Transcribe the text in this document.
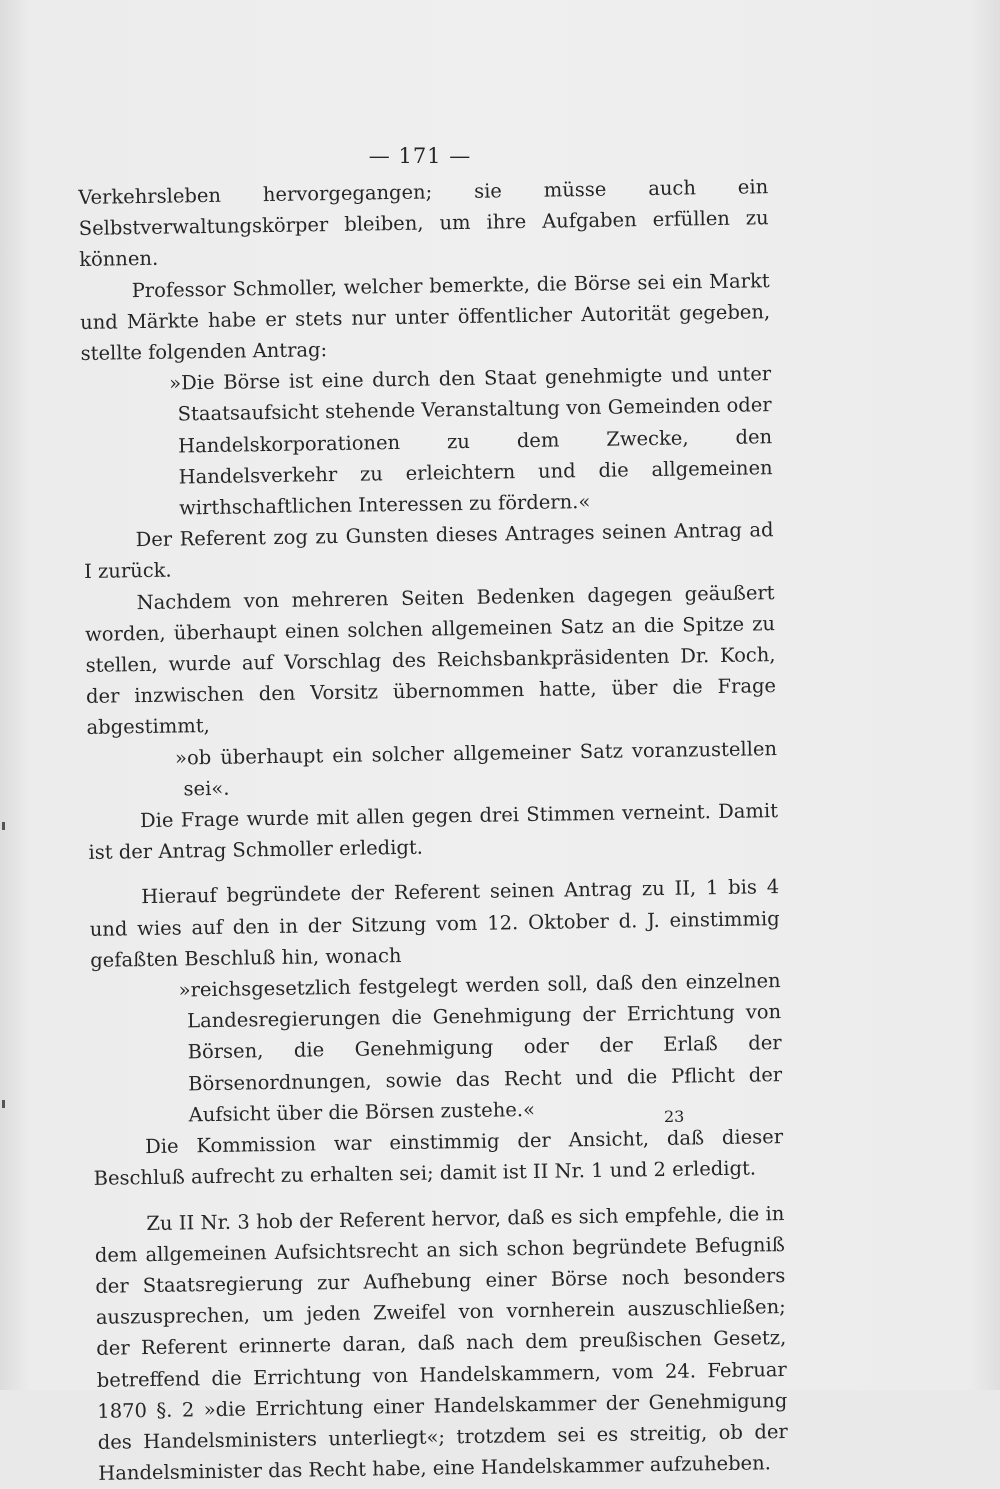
— 171 —

Verkehrsleben hervorgegangen; sie müsse auch ein Selbstverwaltungskörper bleiben, um ihre Aufgaben erfüllen zu können.

Professor Schmoller, welcher bemerkte, die Börse sei ein Markt und Märkte habe er stets nur unter öffentlicher Autorität gegeben, stellte folgenden Antrag:

»Die Börse ist eine durch den Staat genehmigte und unter Staatsaufsicht stehende Veranstaltung von Gemeinden oder Handelskorporationen zu dem Zwecke, den Handelsverkehr zu erleichtern und die allgemeinen wirthschaftlichen Interessen zu fördern.«

Der Referent zog zu Gunsten dieses Antrages seinen Antrag ad I zurück.

Nachdem von mehreren Seiten Bedenken dagegen geäußert worden, überhaupt einen solchen allgemeinen Satz an die Spitze zu stellen, wurde auf Vorschlag des Reichsbankpräsidenten Dr. Koch, der inzwischen den Vorsitz übernommen hatte, über die Frage abgestimmt,

»ob überhaupt ein solcher allgemeiner Satz voranzustellen sei«.

Die Frage wurde mit allen gegen drei Stimmen verneint. Damit ist der Antrag Schmoller erledigt.

Hierauf begründete der Referent seinen Antrag zu II, 1 bis 4 und wies auf den in der Sitzung vom 12. Oktober d. J. einstimmig gefaßten Beschluß hin, wonach

»reichsgesetzlich festgelegt werden soll, daß den einzelnen Landesregierungen die Genehmigung der Errichtung von Börsen, die Genehmigung oder der Erlaß der Börsenordnungen, sowie das Recht und die Pflicht der Aufsicht über die Börsen zustehe.«

Die Kommission war einstimmig der Ansicht, daß dieser Beschluß aufrecht zu erhalten sei; damit ist II Nr. 1 und 2 erledigt.

Zu II Nr. 3 hob der Referent hervor, daß es sich empfehle, die in dem allgemeinen Aufsichtsrecht an sich schon begründete Befugniß der Staatsregierung zur Aufhebung einer Börse noch besonders auszusprechen, um jeden Zweifel von vornherein auszuschließen; der Referent erinnerte daran, daß nach dem preußischen Gesetz, betreffend die Errichtung von Handelskammern, vom 24. Februar 1870 §. 2 »die Errichtung einer Handelskammer der Genehmigung des Handelsministers unterliegt«; trotzdem sei es streitig, ob der Handelsminister das Recht habe, eine Handelskammer aufzuheben.

23
